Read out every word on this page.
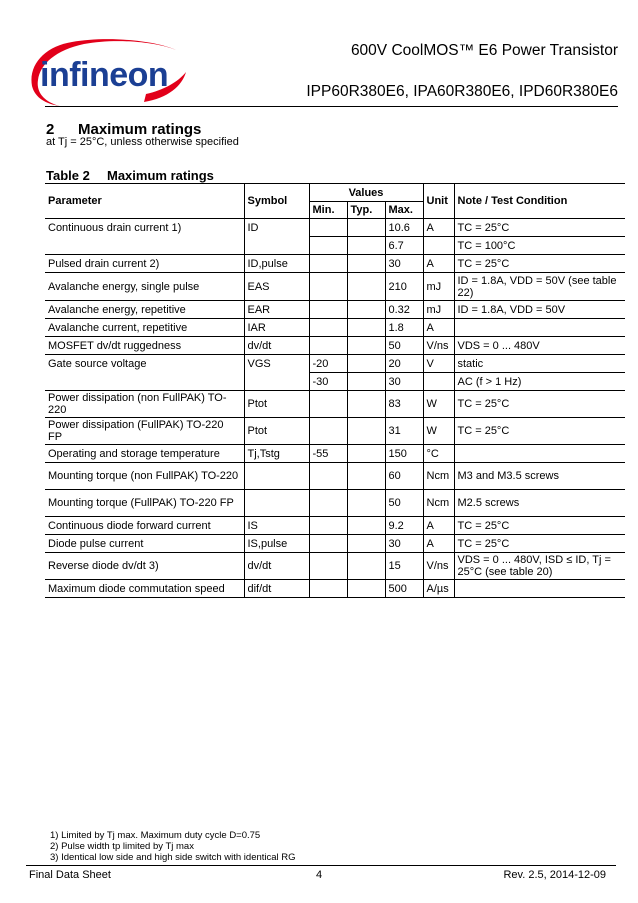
infineon
600V CoolMOS™ E6 Power Transistor
IPP60R380E6, IPA60R380E6, IPD60R380E6
2 Maximum ratings
at Tj = 25°C, unless otherwise specified
Table 2 Maximum ratings
Parameter	Symbol	Values			Unit	Note / Test Condition
		Min.	Typ.	Max.		
Continuous drain current 1)	ID			10.6	A	TC = 25°C
				6.7		TC = 100°C
Pulsed drain current 2)	ID,pulse			30	A	TC = 25°C
Avalanche energy, single pulse	EAS			210	mJ	ID = 1.8A, VDD = 50V (see table 22)
Avalanche energy, repetitive	EAR			0.32	mJ	ID = 1.8A, VDD = 50V
Avalanche current, repetitive	IAR			1.8	A	
MOSFET dv/dt ruggedness	dv/dt			50	V/ns	VDS = 0 ... 480V
Gate source voltage	VGS	-20		20	V	static
		-30		30		AC (f > 1 Hz)
Power dissipation (non FullPAK) TO-220	Ptot			83	W	TC = 25°C
Power dissipation (FullPAK) TO-220 FP	Ptot			31	W	TC = 25°C
Operating and storage temperature	Tj,Tstg	-55		150	°C	
Mounting torque (non FullPAK) TO-220				60	Ncm	M3 and M3.5 screws
Mounting torque (FullPAK) TO-220 FP				50	Ncm	M2.5 screws
Continuous diode forward current	IS			9.2	A	TC = 25°C
Diode pulse current	IS,pulse			30	A	TC = 25°C
Reverse diode dv/dt 3)	dv/dt			15	V/ns	VDS = 0 ... 480V, ISD ≤ ID, Tj = 25°C (see table 20)
Maximum diode commutation speed	dif/dt			500	A/µs	
1) Limited by Tj max. Maximum duty cycle D=0.75
2) Pulse width tp limited by Tj max
3) Identical low side and high side switch with identical RG
Final Data Sheet	4	Rev. 2.5, 2014-12-09
